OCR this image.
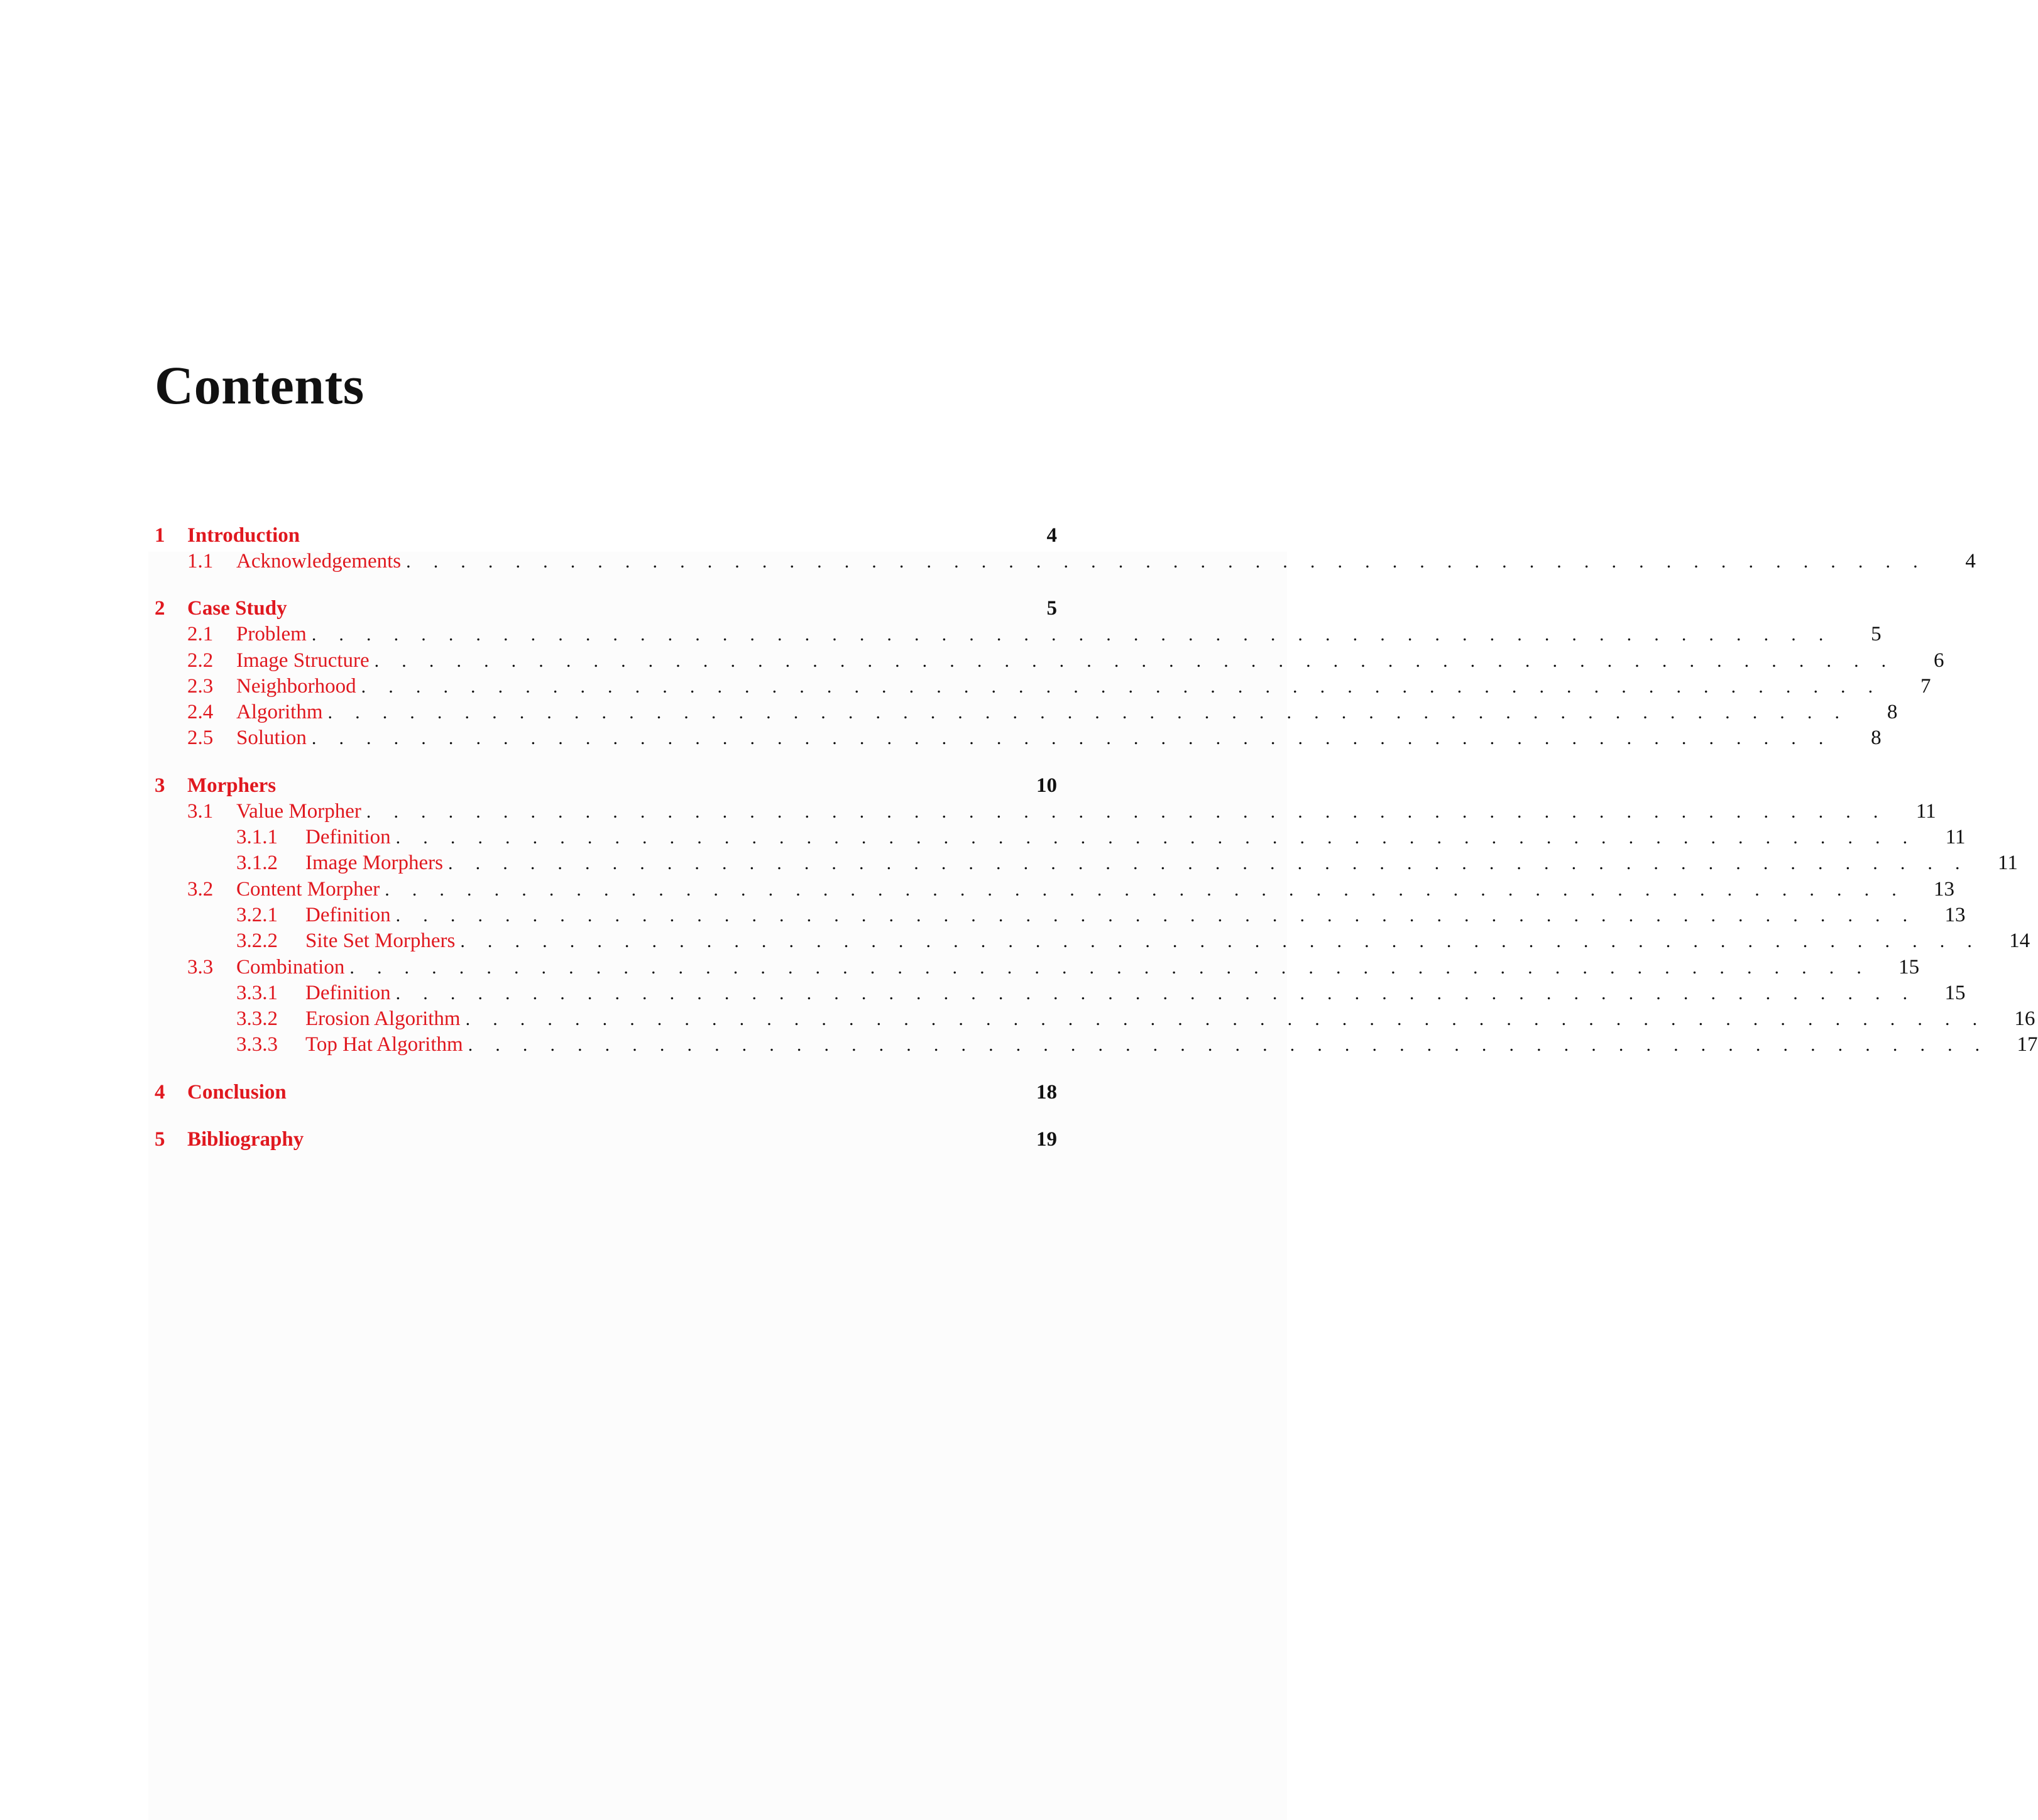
Contents
1	Introduction	4
1.1	Acknowledgements . . . . . . . . . . . . . . . . . . . . . . . . . . . . . . . . . . . . . . . . . . . . . . . . . . . . . . . .	4
2	Case Study	5
2.1	Problem . . . . . . . . . . . . . . . . . . . . . . . . . . . . . . . . . . . . . . . . . . . . . . . . . . . . . . . .	5
2.2	Image Structure . . . . . . . . . . . . . . . . . . . . . . . . . . . . . . . . . . . . . . . . . . . . . . . . . . . . . . . .	6
2.3	Neighborhood . . . . . . . . . . . . . . . . . . . . . . . . . . . . . . . . . . . . . . . . . . . . . . . . . . . . . . . .	7
2.4	Algorithm . . . . . . . . . . . . . . . . . . . . . . . . . . . . . . . . . . . . . . . . . . . . . . . . . . . . . . . .	8
2.5	Solution . . . . . . . . . . . . . . . . . . . . . . . . . . . . . . . . . . . . . . . . . . . . . . . . . . . . . . . .	8
3	Morphers	10
3.1	Value Morpher . . . . . . . . . . . . . . . . . . . . . . . . . . . . . . . . . . . . . . . . . . . . . . . . . . . . . . . .	11
3.1.1	Definition . . . . . . . . . . . . . . . . . . . . . . . . . . . . . . . . . . . . . . . . . . . . . . . . . . . . . . . .	11
3.1.2	Image Morphers . . . . . . . . . . . . . . . . . . . . . . . . . . . . . . . . . . . . . . . . . . . . . . . . . . . . . . . .	11
3.2	Content Morpher . . . . . . . . . . . . . . . . . . . . . . . . . . . . . . . . . . . . . . . . . . . . . . . . . . . . . . . .	13
3.2.1	Definition . . . . . . . . . . . . . . . . . . . . . . . . . . . . . . . . . . . . . . . . . . . . . . . . . . . . . . . .	13
3.2.2	Site Set Morphers . . . . . . . . . . . . . . . . . . . . . . . . . . . . . . . . . . . . . . . . . . . . . . . . . . . . . . . .	14
3.3	Combination . . . . . . . . . . . . . . . . . . . . . . . . . . . . . . . . . . . . . . . . . . . . . . . . . . . . . . . .	15
3.3.1	Definition . . . . . . . . . . . . . . . . . . . . . . . . . . . . . . . . . . . . . . . . . . . . . . . . . . . . . . . .	15
3.3.2	Erosion Algorithm . . . . . . . . . . . . . . . . . . . . . . . . . . . . . . . . . . . . . . . . . . . . . . . . . . . . . . . .	16
3.3.3	Top Hat Algorithm . . . . . . . . . . . . . . . . . . . . . . . . . . . . . . . . . . . . . . . . . . . . . . . . . . . . . . . .	17
4	Conclusion	18
5	Bibliography	19
